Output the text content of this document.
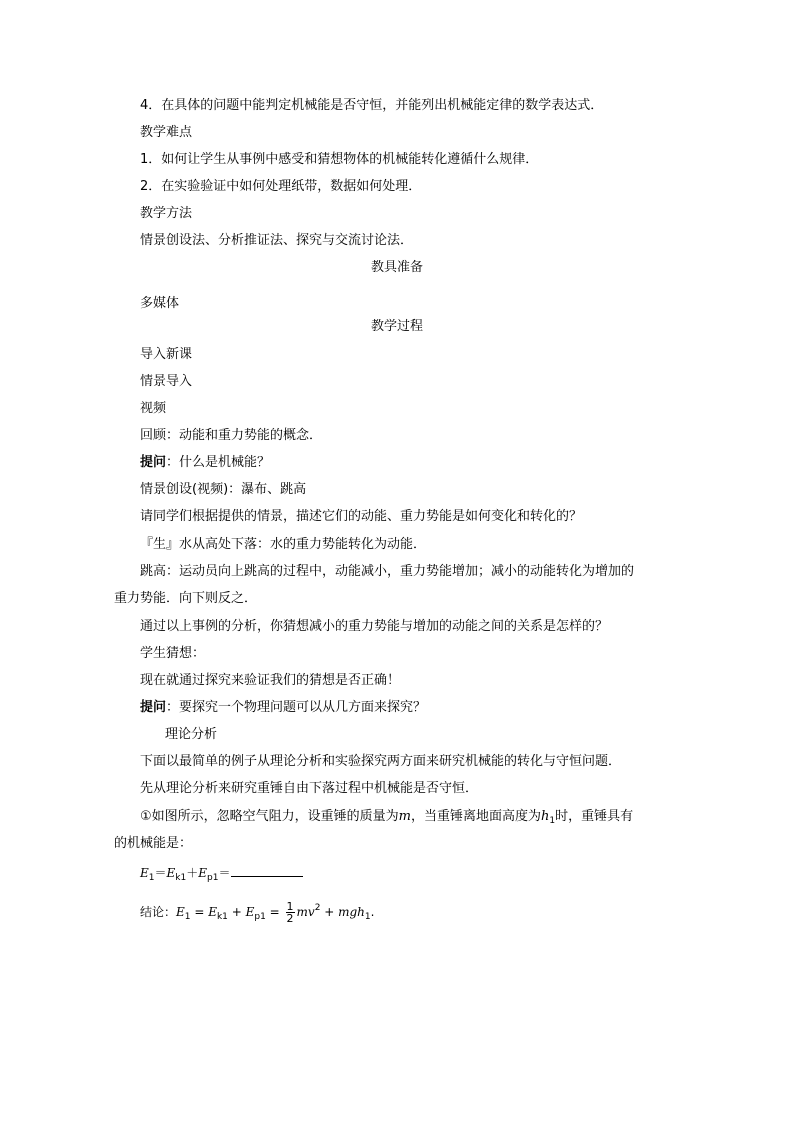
4．在具体的问题中能判定机械能是否守恒，并能列出机械能定律的数学表达式．
教学难点
1．如何让学生从事例中感受和猜想物体的机械能转化遵循什么规律．
2．在实验验证中如何处理纸带，数据如何处理．
教学方法
情景创设法、分析推证法、探究与交流讨论法．
教具准备
多媒体
教学过程
导入新课
情景导入
视频
回顾：动能和重力势能的概念．
提问：什么是机械能？
情景创设(视频)：瀑布、跳高
请同学们根据提供的情景，描述它们的动能、重力势能是如何变化和转化的？
『生』水从高处下落：水的重力势能转化为动能．
跳高：运动员向上跳高的过程中，动能减小，重力势能增加；减小的动能转化为增加的
重力势能．向下则反之．
通过以上事例的分析，你猜想减小的重力势能与增加的动能之间的关系是怎样的？
学生猜想：
现在就通过探究来验证我们的猜想是否正确！
提问：要探究一个物理问题可以从几方面来探究？
理论分析
下面以最简单的例子从理论分析和实验探究两方面来研究机械能的转化与守恒问题．
先从理论分析来研究重锤自由下落过程中机械能是否守恒．
①如图所示，忽略空气阻力，设重锤的质量为m，当重锤离地面高度为$h_1$时，重锤具有
的机械能是：
$E_1=E_{k1}+E_{p1}=$
结论：$E_1 = E_{k1} + E_{p1} = \frac{1}{2} mv^2 + mgh_1$.
